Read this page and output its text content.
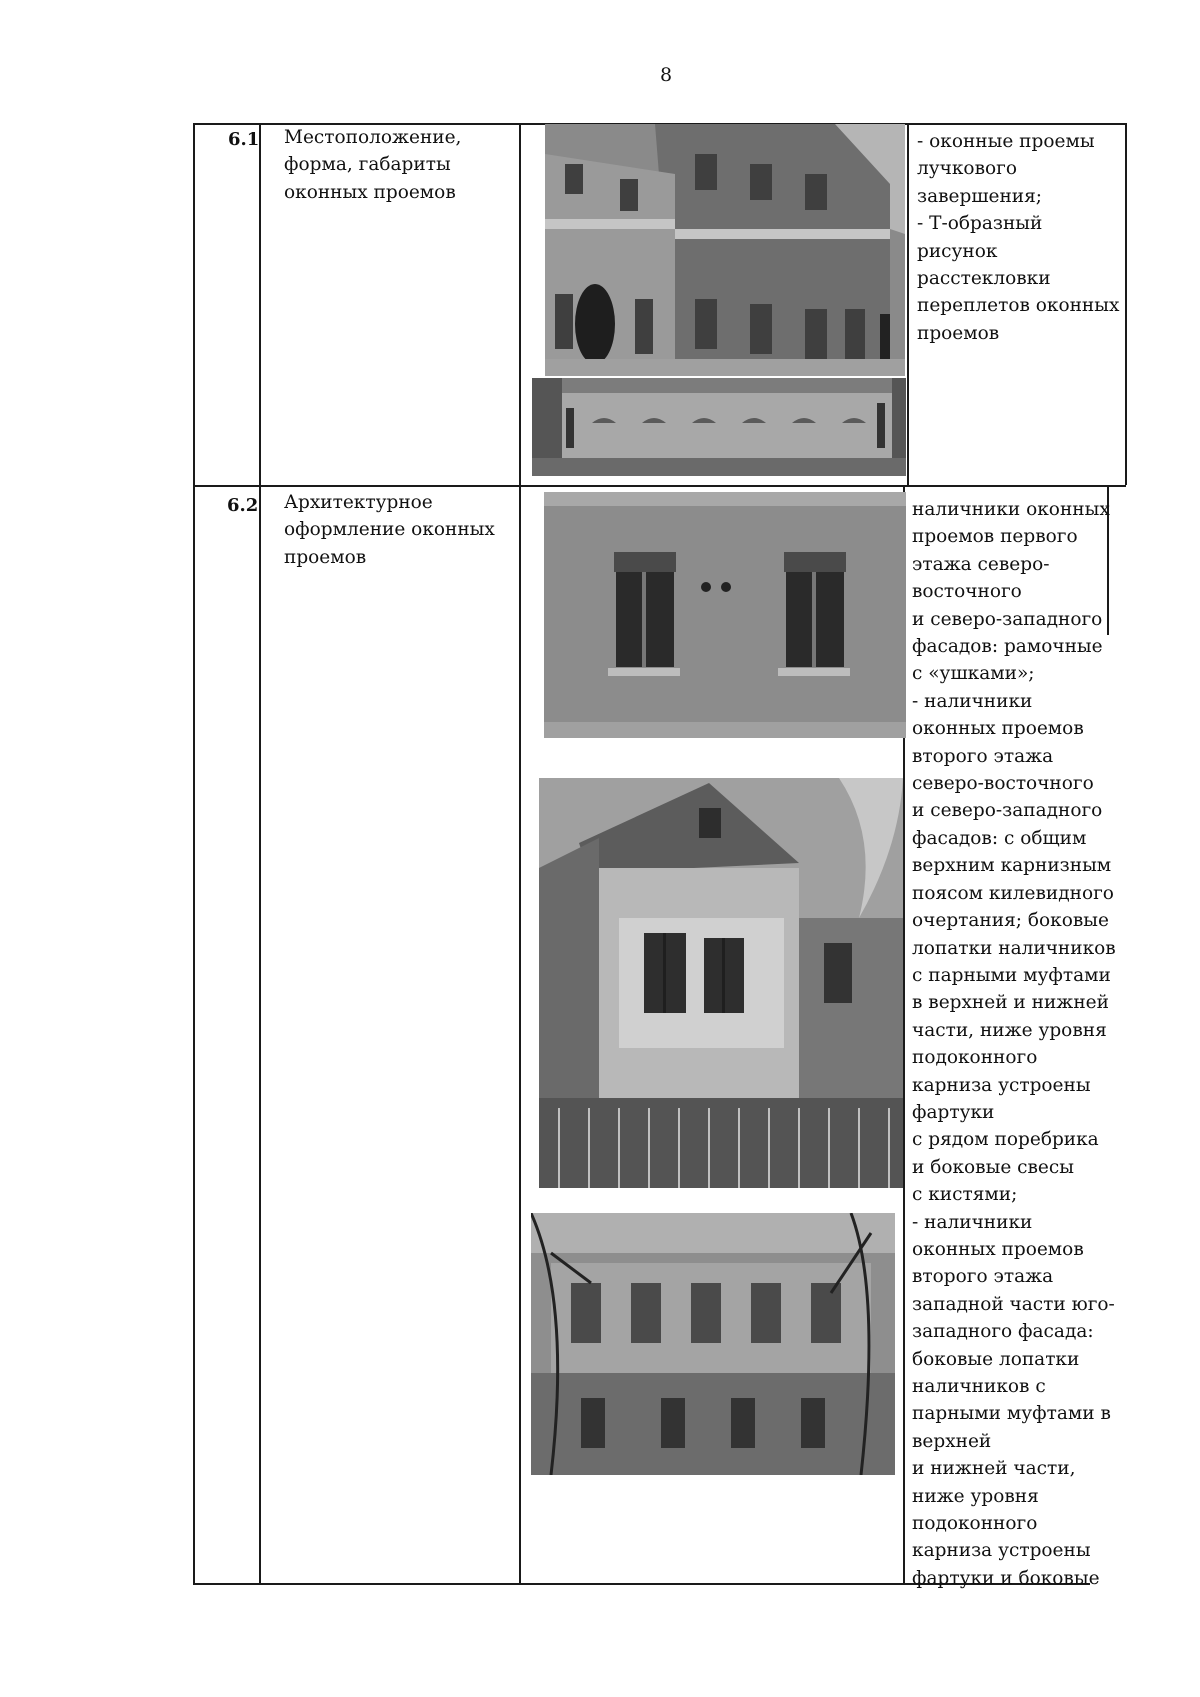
8
6.1 Местоположение,
форма, габариты
оконных проемов
- оконные проемы
лучкового
завершения;
- Т-образный
рисунок
расстекловки
переплетов оконных
проемов
6.2 Архитектурное
оформление оконных
проемов
наличники оконных
проемов первого
этажа северо-
восточного
и северо-западного
фасадов: рамочные
с «ушками»;
- наличники
оконных проемов
второго этажа
северо-восточного
и северо-западного
фасадов: с общим
верхним карнизным
поясом килевидного
очертания; боковые
лопатки наличников
с парными муфтами
в верхней и нижней
части, ниже уровня
подоконного
карниза устроены
фартуки
с рядом поребрика
и боковые свесы
с кистями;
- наличники
оконных проемов
второго этажа
западной части юго-
западного фасада:
боковые лопатки
наличников с
парными муфтами в
верхней
и нижней части,
ниже уровня
подоконного
карниза устроены
фартуки и боковые
